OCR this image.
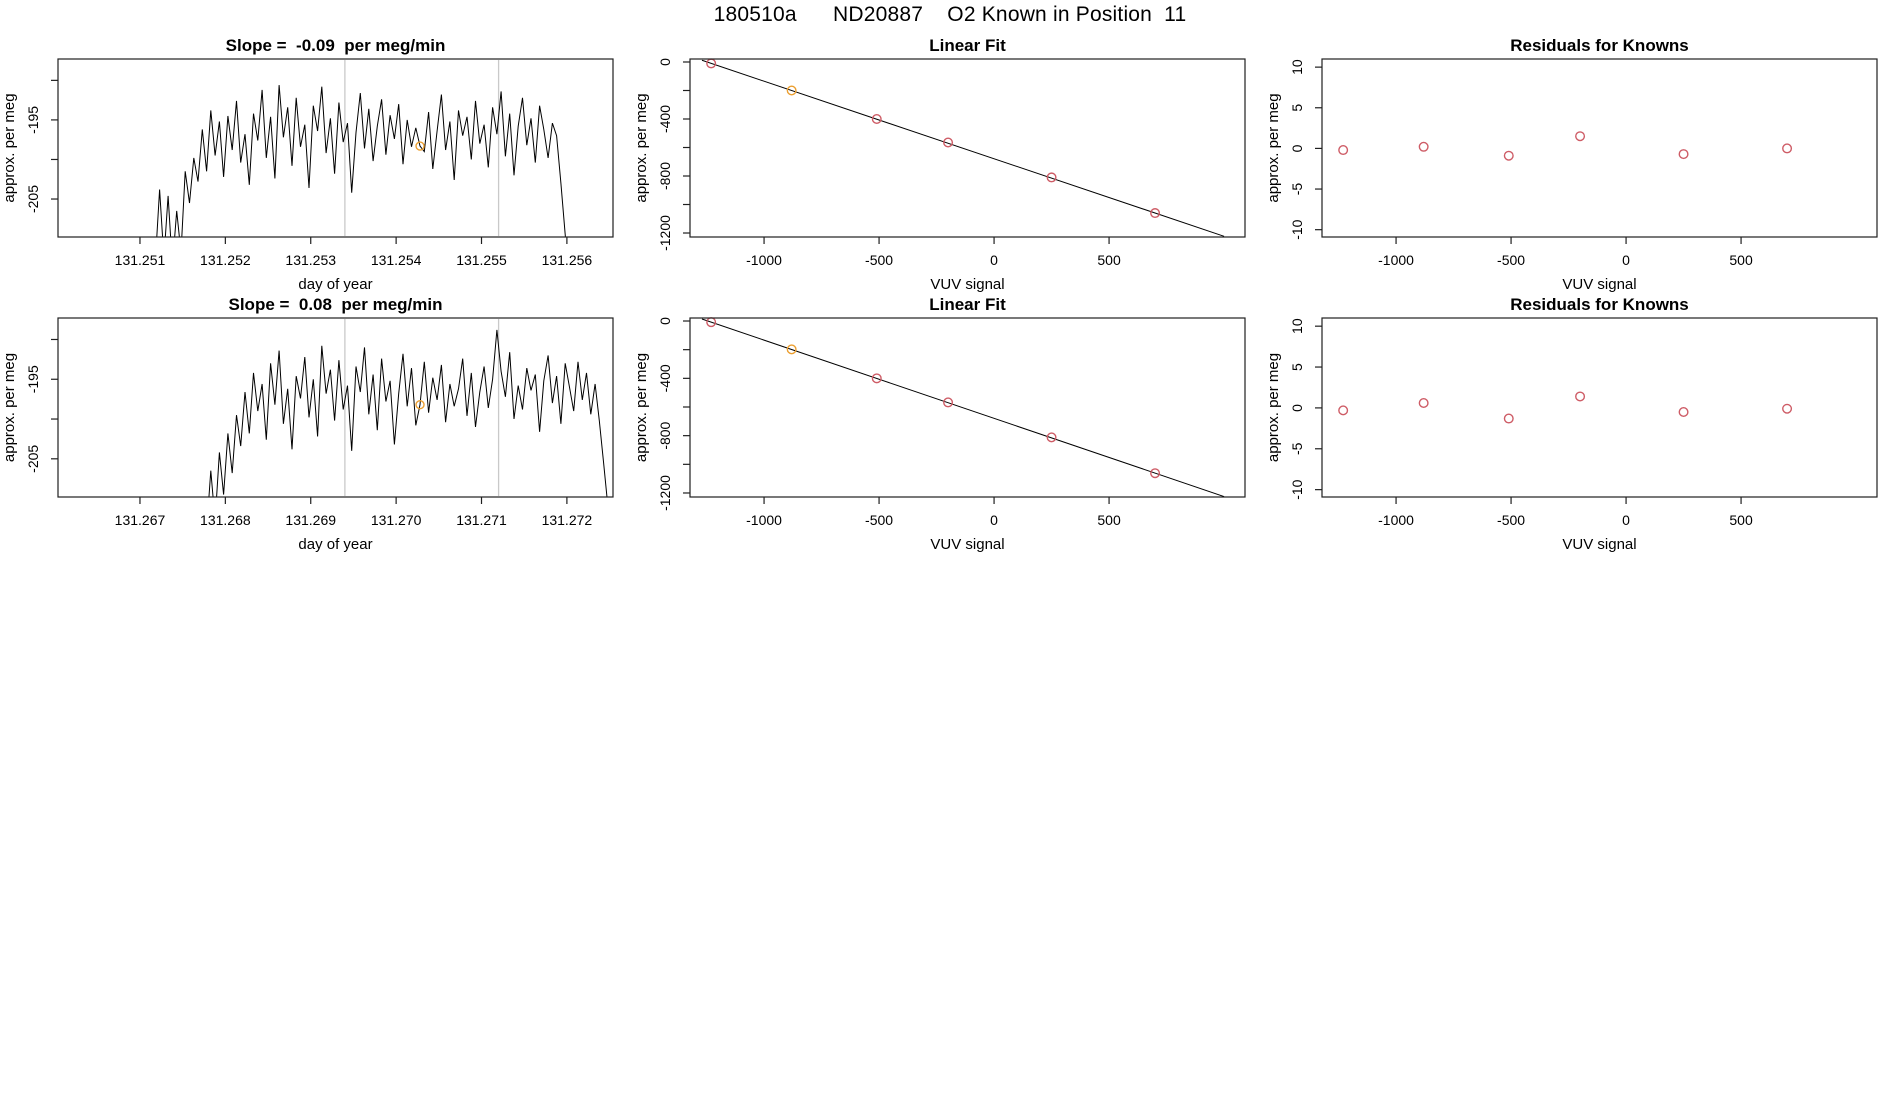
180510a      ND20887    O2 Known in Position  11
131.251 131.252 131.253 131.254 131.255 131.256
-195
-205
Slope =  -0.09  per meg/min
day of year
approx. per meg
-1000	-500	0	500
0
-400
-800
-1200
Linear Fit
VUV signal
approx. per meg
-1000	-500	0	500
10
5
0
-5
-10
Residuals for Knowns
VUV signal
approx. per meg
131.267 131.268 131.269 131.270 131.271 131.272
-195
-205
Slope =  0.08  per meg/min
day of year
approx. per meg
-1000	-500	0	500
0
-400
-800
-1200
Linear Fit
VUV signal
approx. per meg
-1000	-500	0	500
10
5
0
-5
-10
Residuals for Knowns
VUV signal
approx. per meg
